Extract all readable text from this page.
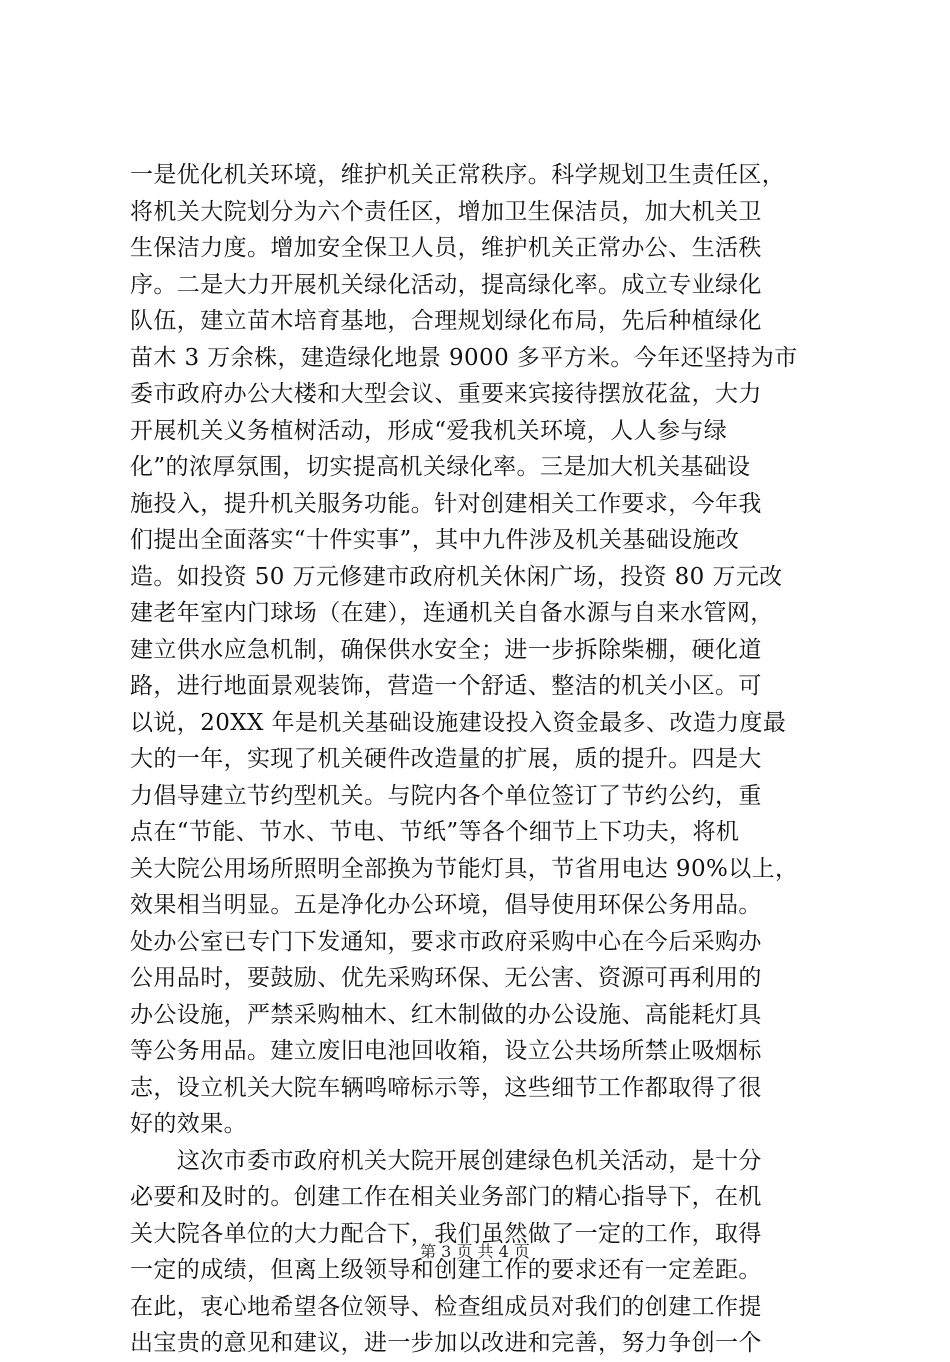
一是优化机关环境，维护机关正常秩序。科学规划卫生责任区，
将机关大院划分为六个责任区，增加卫生保洁员，加大机关卫
生保洁力度。增加安全保卫人员，维护机关正常办公、生活秩
序。二是大力开展机关绿化活动，提高绿化率。成立专业绿化
队伍，建立苗木培育基地，合理规划绿化布局，先后种植绿化
苗木 3 万余株，建造绿化地景 9000 多平方米。今年还坚持为市
委市政府办公大楼和大型会议、重要来宾接待摆放花盆，大力
开展机关义务植树活动，形成“爱我机关环境，人人参与绿
化”的浓厚氛围，切实提高机关绿化率。三是加大机关基础设
施投入，提升机关服务功能。针对创建相关工作要求，今年我
们提出全面落实“十件实事”，其中九件涉及机关基础设施改
造。如投资 50 万元修建市政府机关休闲广场，投资 80 万元改
建老年室内门球场（在建），连通机关自备水源与自来水管网，
建立供水应急机制，确保供水安全；进一步拆除柴棚，硬化道
路，进行地面景观装饰，营造一个舒适、整洁的机关小区。可
以说，20XX 年是机关基础设施建设投入资金最多、改造力度最
大的一年，实现了机关硬件改造量的扩展，质的提升。四是大
力倡导建立节约型机关。与院内各个单位签订了节约公约，重
点在“节能、节水、节电、节纸”等各个细节上下功夫，将机
关大院公用场所照明全部换为节能灯具，节省用电达 90%以上，
效果相当明显。五是净化办公环境，倡导使用环保公务用品。
处办公室已专门下发通知，要求市政府采购中心在今后采购办
公用品时，要鼓励、优先采购环保、无公害、资源可再利用的
办公设施，严禁采购柚木、红木制做的办公设施、高能耗灯具
等公务用品。建立废旧电池回收箱，设立公共场所禁止吸烟标
志，设立机关大院车辆鸣啼标示等，这些细节工作都取得了很
好的效果。
　　这次市委市政府机关大院开展创建绿色机关活动，是十分
必要和及时的。创建工作在相关业务部门的精心指导下，在机
关大院各单位的大力配合下，我们虽然做了一定的工作，取得
一定的成绩，但离上级领导和创建工作的要求还有一定差距。
在此，衷心地希望各位领导、检查组成员对我们的创建工作提
出宝贵的意见和建议，进一步加以改进和完善，努力争创一个
第 3 页 共 4 页
